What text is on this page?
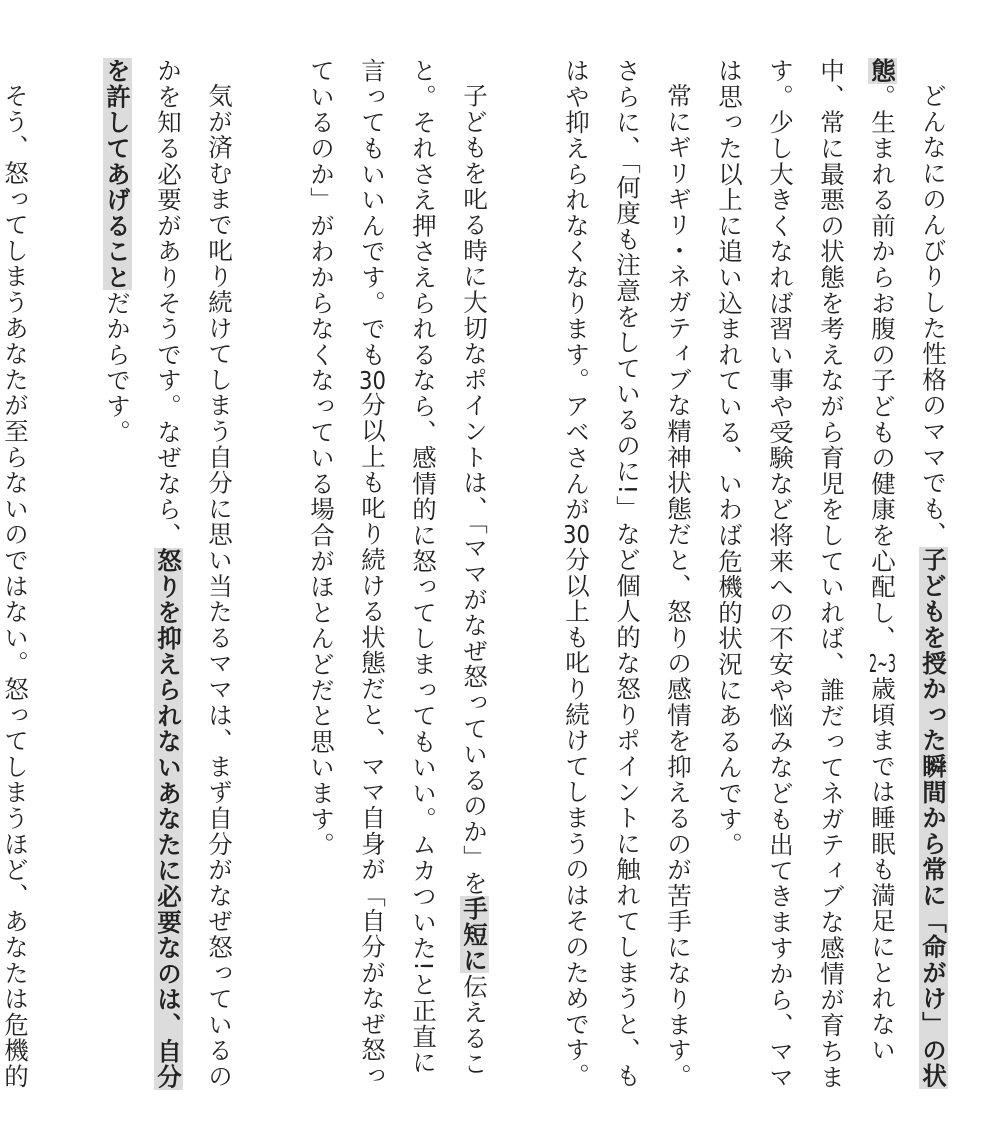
どんなにのんびりした性格のママでも、子どもを授かった瞬間から常に「命がけ」の状態。生まれる前からお腹の子どもの健康を心配し、2~3歳頃までは睡眠も満足にとれない中、常に最悪の状態を考えながら育児をしていれば、誰だってネガティブな感情が育ちます。少し大きくなれば習い事や受験など将来への不安や悩みなども出てきますから、ママは思った以上に追い込まれている、いわば危機的状況にあるんです。

常にギリギリ・ネガティブな精神状態だと、怒りの感情を抑えるのが苦手になります。さらに、「何度も注意をしているのに!」など個人的な怒りポイントに触れてしまうと、もはや抑えられなくなります。アベさんが30分以上も叱り続けてしまうのはそのためです。

子どもを叱る時に大切なポイントは、「ママがなぜ怒っているのか」を手短に伝えること。それさえ押さえられるなら、感情的に怒ってしまってもいい。ムカついた!と正直に言ってもいいんです。でも30分以上も叱り続ける状態だと、ママ自身が「自分がなぜ怒っているのか」がわからなくなっている場合がほとんどだと思います。

気が済むまで叱り続けてしまう自分に思い当たるママは、まず自分がなぜ怒っているのかを知る必要がありそうです。なぜなら、怒りを抑えられないあなたに必要なのは、自分を許してあげることだからです。

そう、怒ってしまうあなたが至らないのではない。怒ってしまうほど、あなたは危機的
